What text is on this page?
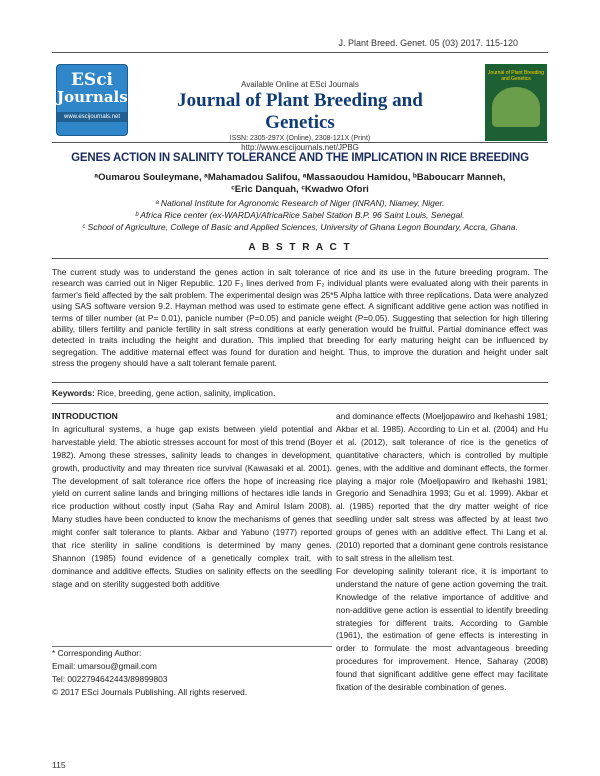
J. Plant Breed. Genet. 05 (03) 2017. 115-120
ESci
Journals
www.escijournals.net
Available Online at ESci Journals
Journal of Plant Breeding and Genetics
ISSN: 2305-297X (Online), 2308-121X (Print)
http://www.escijournals.net/JPBG
Journal of Plant Breeding and Genetics
GENES ACTION IN SALINITY TOLERANCE AND THE IMPLICATION IN RICE BREEDING
ᵃOumarou Souleymane, ᵃMahamadou Salifou, ᵃMassaoudou Hamidou, ᵇBaboucarr Manneh,
ᶜEric Danquah, ᶜKwadwo Ofori
ᵃ National Institute for Agronomic Research of Niger (INRAN), Niamey, Niger.
ᵇ Africa Rice center (ex-WARDA)/AfricaRice Sahel Station B.P. 96 Saint Louis, Senegal.
ᶜ School of Agriculture, College of Basic and Applied Sciences, University of Ghana Legon Boundary, Accra, Ghana.
A B S T R A C T
The current study was to understand the genes action in salt tolerance of rice and its use in the future breeding program. The research was carried out in Niger Republic. 120 F₃ lines derived from F₂ individual plants were evaluated along with their parents in farmer's field affected by the salt problem. The experimental design was 25*5 Alpha lattice with three replications. Data were analyzed using SAS software version 9.2. Hayman method was used to estimate gene effect. A significant additive gene action was notified in terms of tiller number (at P= 0.01), panicle number (P=0.05) and panicle weight (P=0.05). Suggesting that selection for high tillering ability, tillers fertility and panicle fertility in salt stress conditions at early generation would be fruitful. Partial dominance effect was detected in traits including the height and duration. This implied that breeding for early maturing height can be influenced by segregation. The additive maternal effect was found for duration and height. Thus, to improve the duration and height under salt stress the progeny should have a salt tolerant female parent.
Keywords: Rice, breeding, gene action, salinity, implication.
INTRODUCTION

In agricultural systems, a huge gap exists between yield potential and harvestable yield. The abiotic stresses account for most of this trend (Boyer 1982). Among these stresses, salinity leads to changes in development, growth, productivity and may threaten rice survival (Kawasaki et al. 2001). The development of salt tolerance rice offers the hope of increasing rice yield on current saline lands and bringing millions of hectares idle lands in rice production without costly input (Saha Ray and Amirul Islam 2008). Many studies have been conducted to know the mechanisms of genes that might confer salt tolerance to plants. Akbar and Yabuno (1977) reported that rice sterility in saline conditions is determined by many genes. Shannon (1985) found evidence of a genetically complex trait, with dominance and additive effects. Studies on salinity effects on the seedling stage and on sterility suggested both additive

* Corresponding Author:
Email: umarsou@gmail.com
Tel: 0022794642443/89899803
© 2017 ESci Journals Publishing. All rights reserved.

and dominance effects (Moeljopawiro and Ikehashi 1981; Akbar et al. 1985). According to Lin et al. (2004) and Hu et al. (2012), salt tolerance of rice is the genetics of quantitative characters, which is controlled by multiple genes, with the additive and dominant effects, the former playing a major role (Moeljopawiro and Ikehashi 1981; Gregorio and Senadhira 1993; Gu et al. 1999). Akbar et al. (1985) reported that the dry matter weight of rice seedling under salt stress was affected by at least two groups of genes with an additive effect. Thi Lang et al. (2010) reported that a dominant gene controls resistance to salt stress in the allelism test.

For developing salinity tolerant rice, it is important to understand the nature of gene action governing the trait. Knowledge of the relative importance of additive and non-additive gene action is essential to identify breeding strategies for different traits. According to Gamble (1961), the estimation of gene effects is interesting in order to formulate the most advantageous breeding procedures for improvement. Hence, Saharay (2008) found that significant additive gene effect may facilitate fixation of the desirable combination of genes.

115
